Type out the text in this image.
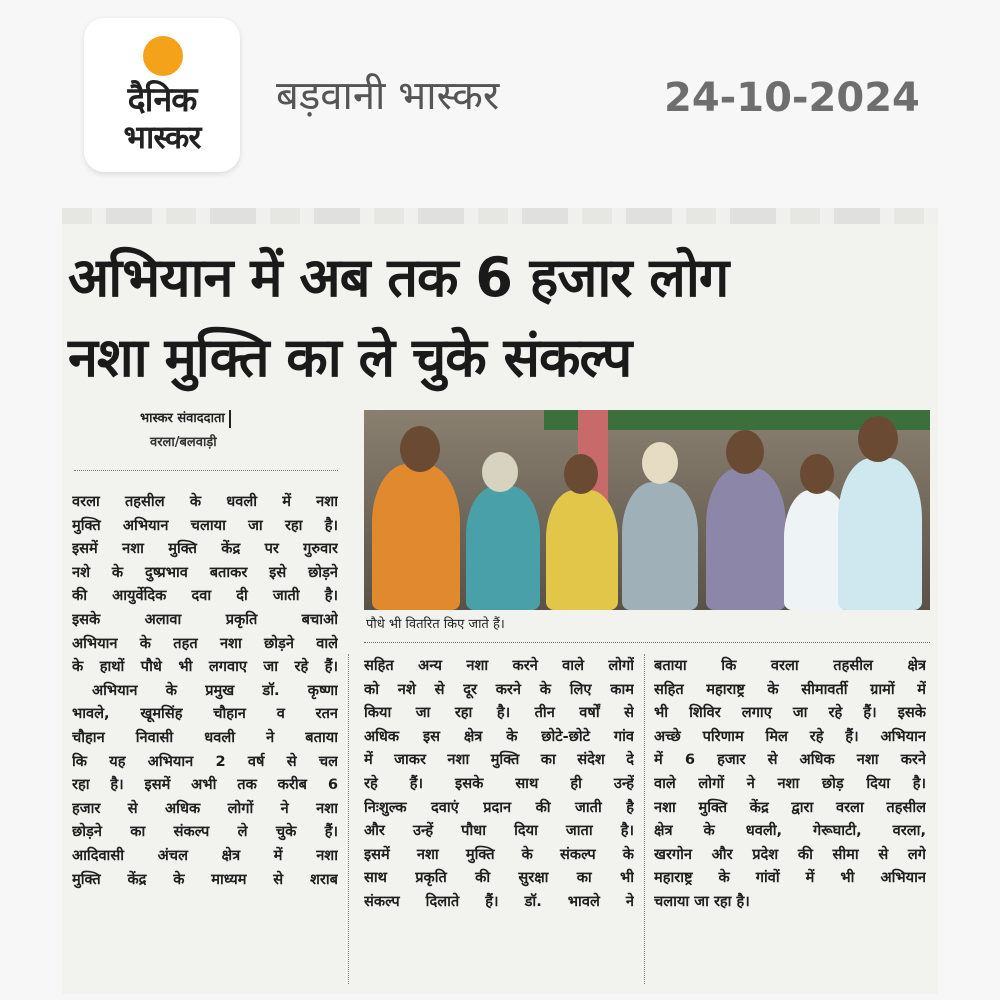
दैनिक
भास्कर
बड़वानी भास्कर	24-10-2024
अभियान में अब तक 6 हजार लोग
नशा मुक्ति का ले चुके संकल्प
भास्कर संवाददाता
वरला/बलवाड़ी
पौधे भी वितरित किए जाते हैं।
वरला तहसील के धवली में नशा
मुक्ति अभियान चलाया जा रहा है।
इसमें नशा मुक्ति केंद्र पर गुरुवार
नशे के दुष्प्रभाव बताकर इसे छोड़ने
की आयुर्वेदिक दवा दी जाती है।
इसके अलावा प्रकृति बचाओ
अभियान के तहत नशा छोड़ने वाले
के हाथों पौधे भी लगवाए जा रहे हैं।
अभियान के प्रमुख डॉ. कृष्णा
भावले, खूमसिंह चौहान व रतन
चौहान निवासी धवली ने बताया
कि यह अभियान 2 वर्ष से चल
रहा है। इसमें अभी तक करीब 6
हजार से अधिक लोगों ने नशा
छोड़ने का संकल्प ले चुके हैं।
आदिवासी अंचल क्षेत्र में नशा
मुक्ति केंद्र के माध्यम से शराब
सहित अन्य नशा करने वाले लोगों
को नशे से दूर करने के लिए काम
किया जा रहा है। तीन वर्षों से
अधिक इस क्षेत्र के छोटे-छोटे गांव
में जाकर नशा मुक्ति का संदेश दे
रहे हैं। इसके साथ ही उन्हें
निःशुल्क दवाएं प्रदान की जाती है
और उन्हें पौधा दिया जाता है।
इसमें नशा मुक्ति के संकल्प के
साथ प्रकृति की सुरक्षा का भी
संकल्प दिलाते हैं। डॉ. भावले ने
बताया कि वरला तहसील क्षेत्र
सहित महाराष्ट्र के सीमावर्ती ग्रामों में
भी शिविर लगाए जा रहे हैं। इसके
अच्छे परिणाम मिल रहे हैं। अभियान
में 6 हजार से अधिक नशा करने
वाले लोगों ने नशा छोड़ दिया है।
नशा मुक्ति केंद्र द्वारा वरला तहसील
क्षेत्र के धवली, गेरूघाटी, वरला,
खरगोन और प्रदेश की सीमा से लगे
महाराष्ट्र के गांवों में भी अभियान
चलाया जा रहा है।
